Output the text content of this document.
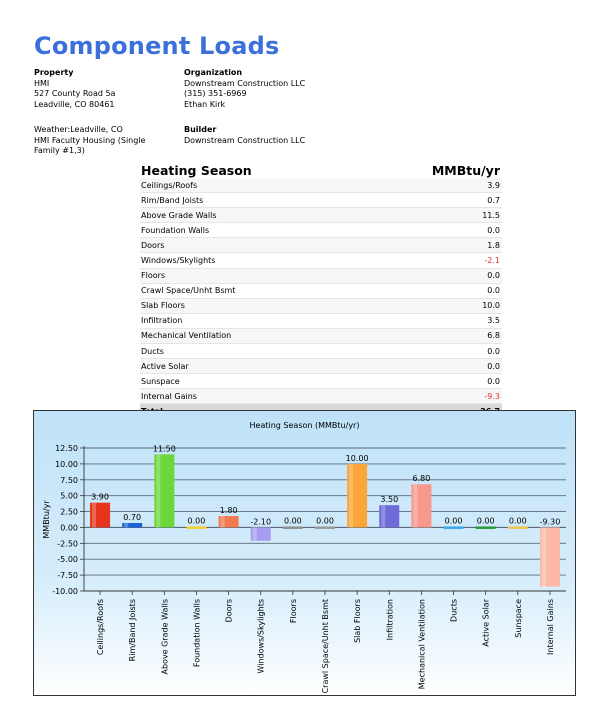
Component Loads
Property
HMI
527 County Road 5a
Leadville, CO 80461
Organization
Downstream Construction LLC
(315) 351-6969
Ethan Kirk
Weather:Leadville, CO
HMI Faculty Housing (Single
Family #1,3)
Builder
Downstream Construction LLC
Heating Season	MMBtu/yr
Ceilings/Roofs	3.9
Rim/Band Joists	0.7
Above Grade Walls	11.5
Foundation Walls	0.0
Doors	1.8
Windows/Skylights	-2.1
Floors	0.0
Crawl Space/Unht Bsmt	0.0
Slab Floors	10.0
Infiltration	3.5
Mechanical Ventilation	6.8
Ducts	0.0
Active Solar	0.0
Sunspace	0.0
Internal Gains	-9.3

Heating Season (MMBtu/yr)
MMBtu/yr
12.50
10.00
7.50
5.00
2.50
0.00
-2.50
-5.00
-7.50
-10.00
3.90
Ceilings/Roofs
0.70
Rim/Band Joists
11.50
Above Grade Walls
0.00
Foundation Walls
1.80
Doors
-2.10
Windows/Skylights
0.00
Floors
0.00
Crawl Space/Unht Bsmt
10.00
Slab Floors
3.50
Infiltration
6.80
Mechanical Ventilation
0.00
Ducts
0.00
Active Solar
0.00
Sunspace
-9.30
Internal Gains
